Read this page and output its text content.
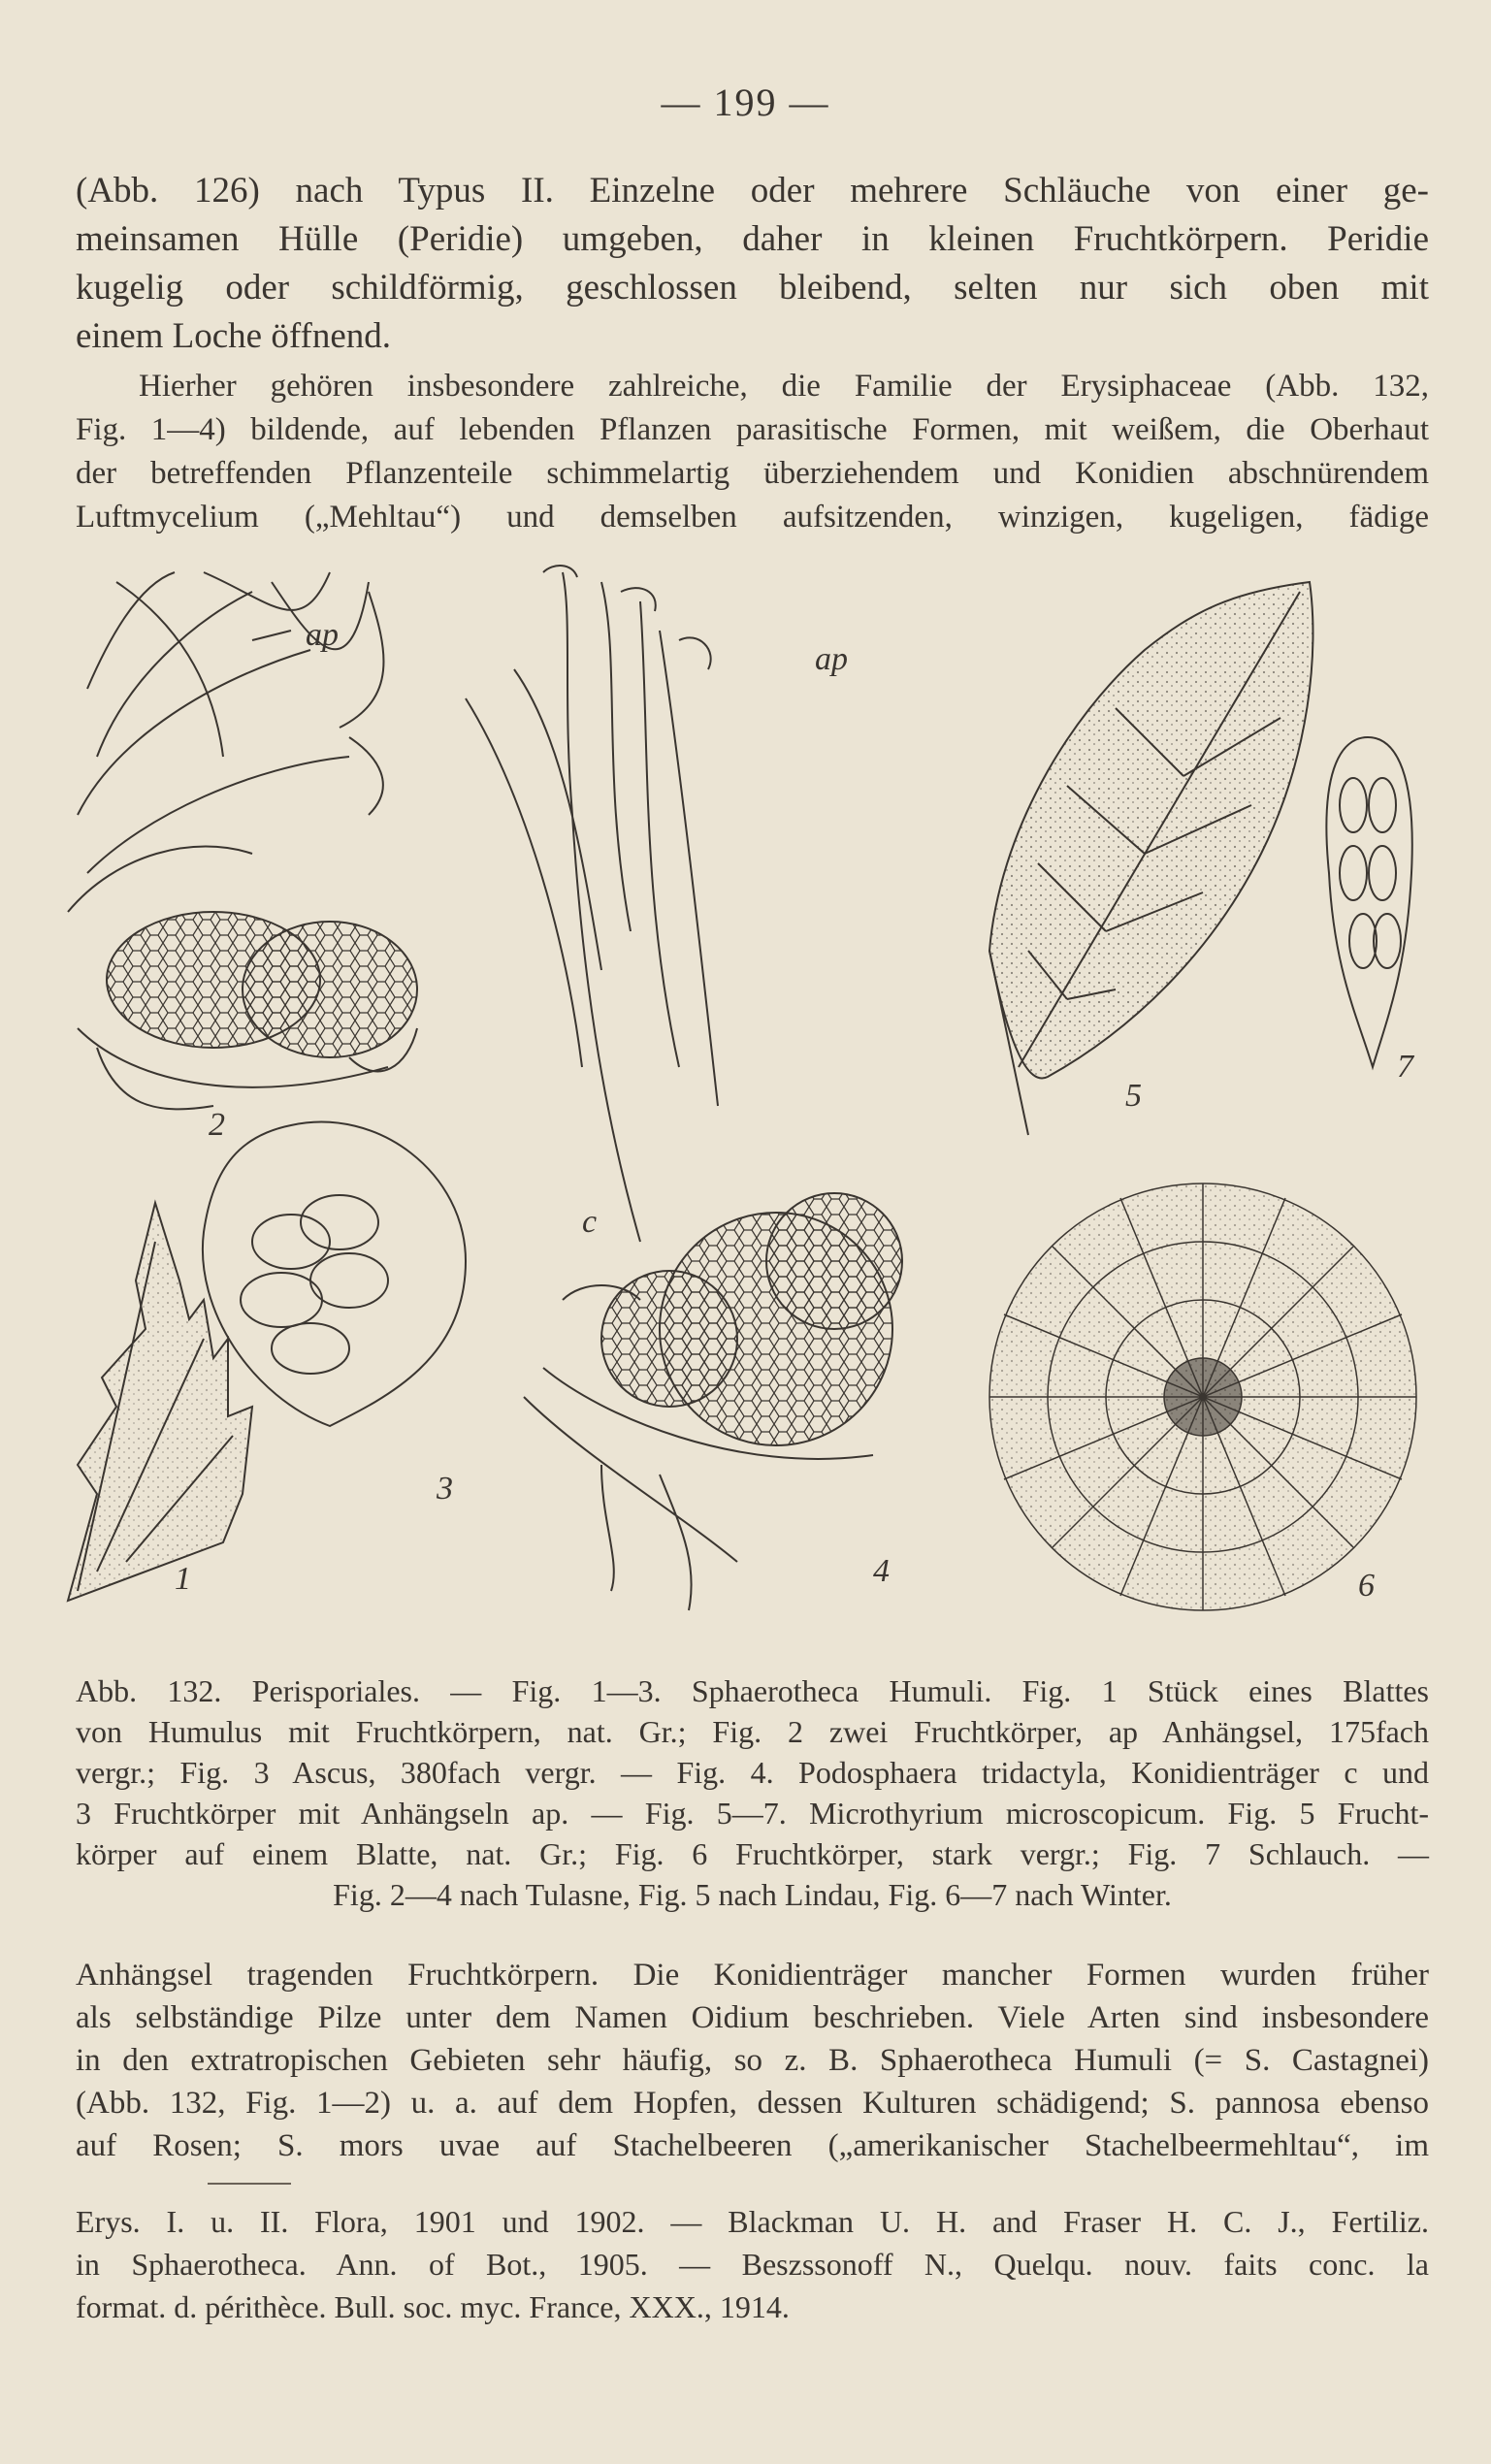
— 199 —
(Abb. 126) nach Typus II. Einzelne oder mehrere Schläuche von einer ge-
meinsamen Hülle (Peridie) umgeben, daher in kleinen Fruchtkörpern. Peridie
kugelig oder schildförmig, geschlossen bleibend, selten nur sich oben mit
einem Loche öffnend.
Hierher gehören insbesondere zahlreiche, die Familie der Erysiphaceae (Abb. 132,
Fig. 1—4) bildende, auf lebenden Pflanzen parasitische Formen, mit weißem, die Oberhaut
der betreffenden Pflanzenteile schimmelartig überziehendem und Konidien abschnürendem
Luftmycelium („Mehltau“) und demselben aufsitzenden, winzigen, kugeligen, fädige
2
ap
1
3
4
ap
c
5
7
6
Abb. 132. Perisporiales. — Fig. 1—3. Sphaerotheca Humuli. Fig. 1 Stück eines Blattes
von Humulus mit Fruchtkörpern, nat. Gr.; Fig. 2 zwei Fruchtkörper, ap Anhängsel, 175fach
vergr.; Fig. 3 Ascus, 380fach vergr. — Fig. 4. Podosphaera tridactyla, Konidienträger c und
3 Fruchtkörper mit Anhängseln ap. — Fig. 5—7. Microthyrium microscopicum. Fig. 5 Frucht-
körper auf einem Blatte, nat. Gr.; Fig. 6 Fruchtkörper, stark vergr.; Fig. 7 Schlauch. —
Fig. 2—4 nach Tulasne, Fig. 5 nach Lindau, Fig. 6—7 nach Winter.
Anhängsel tragenden Fruchtkörpern. Die Konidienträger mancher Formen wurden früher
als selbständige Pilze unter dem Namen Oidium beschrieben. Viele Arten sind insbesondere
in den extratropischen Gebieten sehr häufig, so z. B. Sphaerotheca Humuli (= S. Castagnei)
(Abb. 132, Fig. 1—2) u. a. auf dem Hopfen, dessen Kulturen schädigend; S. pannosa ebenso
auf Rosen; S. mors uvae auf Stachelbeeren („amerikanischer Stachelbeermehltau“, im
Erys. I. u. II. Flora, 1901 und 1902. — Blackman U. H. and Fraser H. C. J., Fertiliz.
in Sphaerotheca. Ann. of Bot., 1905. — Beszssonoff N., Quelqu. nouv. faits conc. la
format. d. périthèce. Bull. soc. myc. France, XXX., 1914.
